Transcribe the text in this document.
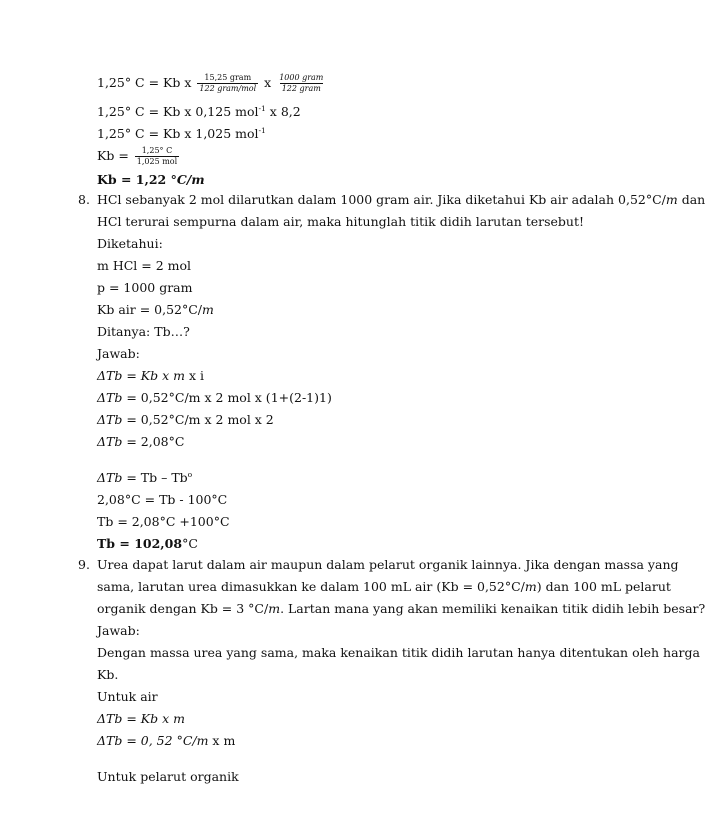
1,25° C = Kb x $\frac{\text{15,25 gram}}{\text{122 gram/mol}}$ x $\frac{\text{1000 gram}}{\text{122 gram}}$
1,25° C = Kb x 0,125 mol$^{-1}$ x 8,2
1,25° C = Kb x 1,025 mol$^{-1}$
$Kb = \frac{1,25^\circ C}{\text{1,025 mol}}$
Kb = 1,22 °C/m
8. HCl sebanyak 2 mol dilarutkan dalam 1000 gram air. Jika diketahui Kb air adalah 0,52°C/m dan
HCl terurai sempurna dalam air, maka hitunglah titik didih larutan tersebut!
Diketahui:
m HCl = 2 mol
p = 1000 gram
Kb air = 0,52°C/m
Ditanya: Tb…?
Jawab:
ΔTb = Kb x m x i
ΔTb = 0,52°C/m x 2 mol x (1+(2-1)1)
ΔTb = 0,52°C/m x 2 mol x 2
ΔTb = 2,08°C
ΔTb = Tb – Tb$^o$
2,08°C = Tb - 100°C
Tb = 2,08°C +100°C
Tb = 102,08°C
9. Urea dapat larut dalam air maupun dalam pelarut organik lainnya. Jika dengan massa yang
sama, larutan urea dimasukkan ke dalam 100 mL air (Kb = 0,52°C/m) dan 100 mL pelarut
organik dengan Kb = 3 °C/m. Lartan mana yang akan memiliki kenaikan titik didih lebih besar?
Jawab:
Dengan massa urea yang sama, maka kenaikan titik didih larutan hanya ditentukan oleh harga
Kb.
Untuk air
ΔTb = Kb x m
ΔTb = 0, 52 °C/m x m
Untuk pelarut organik
